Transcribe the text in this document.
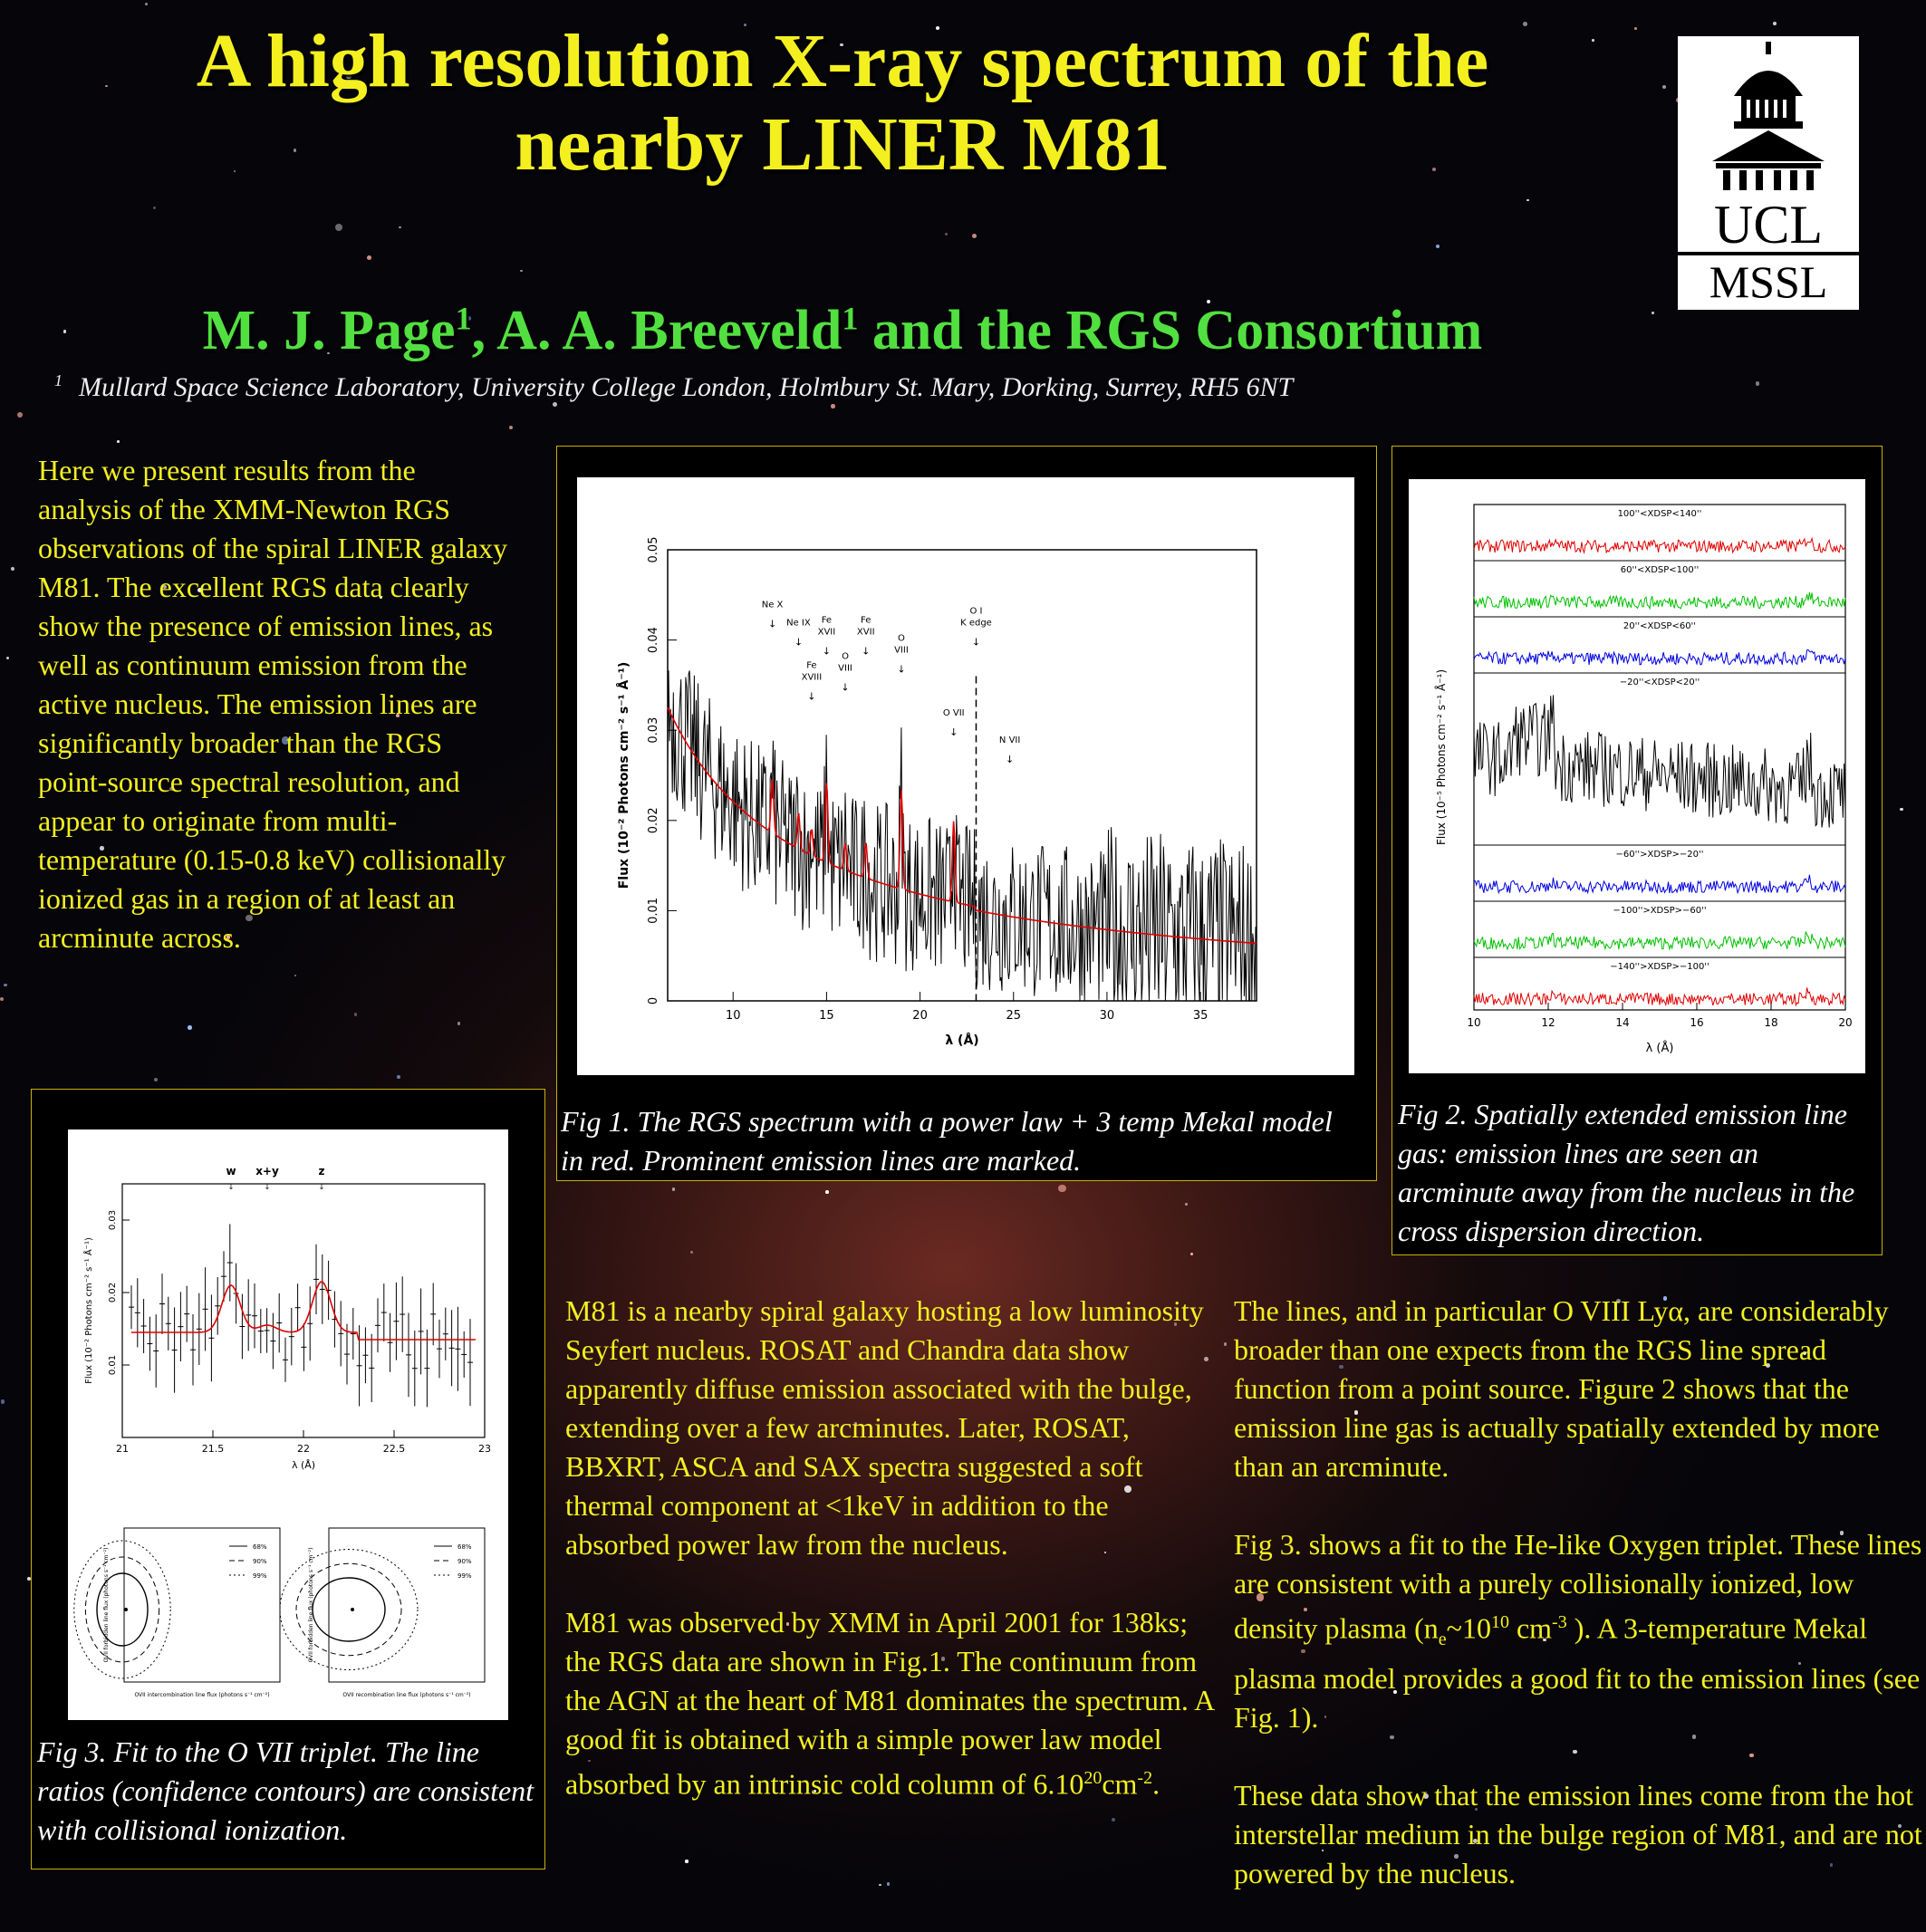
A high resolution X-ray spectrum of the
nearby LINER M81
M. J. Page$^1$, A. A. Breeveld$^1$ and the RGS Consortium
$^1$ Mullard Space Science Laboratory, University College London, Holmbury St. Mary, Dorking, Surrey, RH5 6NT
UCL
MSSL

Here we present results from the analysis of the XMM-Newton RGS observations of the spiral LINER galaxy M81. The excellent RGS data clearly show the presence of emission lines, as well as continuum emission from the active nucleus. The emission lines are significantly broader than the RGS point-source spectral resolution, and appear to originate from multi-temperature (0.15-0.8 keV) collisionally ionized gas in a region of at least an arcminute across.

10	15	20	25	30	35
0
0.01
0.02
0.03
0.04
0.05
λ (Å)
Flux (10⁻² Photons cm⁻² s⁻¹ Å⁻¹)
Ne X
↓ Ne IX
↓
Fe
XVIII
↓
Fe
XVII
↓ O
VIII
↓
Fe
XVII
↓
O
VIII
↓
O VII
↓
O I
K edge
↓
N VII
↓
Fig 1. The RGS spectrum with a power law + 3 temp Mekal model in red. Prominent emission lines are marked.
100''<XDSP<140''
60''<XDSP<100''
20''<XDSP<60''
−20''<XDSP<20''
−60''>XDSP>−20''
−100''>XDSP>−60''
−140''>XDSP>−100''
10	12	14	16	18	20
λ (Å)
Flux (10⁻⁵ Photons cm⁻² s⁻¹ Å⁻¹)
Fig 2. Spatially extended emission line gas: emission lines are seen an arcminute away from the nucleus in the cross dispersion direction.
21	21.5	22	22.5	23
0.01
0.02
0.03
λ (Å)
Flux (10⁻² Photons cm⁻² s⁻¹ Å⁻¹)
w
↓
x+y
↓
z
↓
68%
90%
99%
OVII intercombination line flux (photons s⁻¹ cm⁻²)
OVII forbidden line flux (photons s⁻¹ cm⁻²)
68%
90%
99%
OVII recombination line flux (photons s⁻¹ cm⁻²)
OVII forbidden line flux (photons s⁻¹ cm⁻²)
Fig 3. Fit to the O VII triplet. The line ratios (confidence contours) are consistent with collisional ionization.

M81 is a nearby spiral galaxy hosting a low luminosity Seyfert nucleus. ROSAT and Chandra data show apparently diffuse emission associated with the bulge, extending over a few arcminutes. Later, ROSAT, BBXRT, ASCA and SAX spectra suggested a soft thermal component at <1keV in addition to the absorbed power law from the nucleus.

M81 was observed by XMM in April 2001 for 138ks; the RGS data are shown in Fig.1. The continuum from the AGN at the heart of M81 dominates the spectrum. A good fit is obtained with a simple power law model absorbed by an intrinsic cold column of $6.10^{20}cm^{-2}$.

The lines, and in particular O VIII Lyα, are considerably broader than one expects from the RGS line spread function from a point source. Figure 2 shows that the emission line gas is actually spatially extended by more than an arcminute.

Fig 3. shows a fit to the He-like Oxygen triplet. These lines are consistent with a purely collisionally ionized, low density plasma ($n_e\sim 10^{10}$ $cm^{-3}$ ). A 3-temperature Mekal plasma model provides a good fit to the emission lines (see Fig. 1).

These data show that the emission lines come from the hot interstellar medium in the bulge region of M81, and are not powered by the nucleus.
